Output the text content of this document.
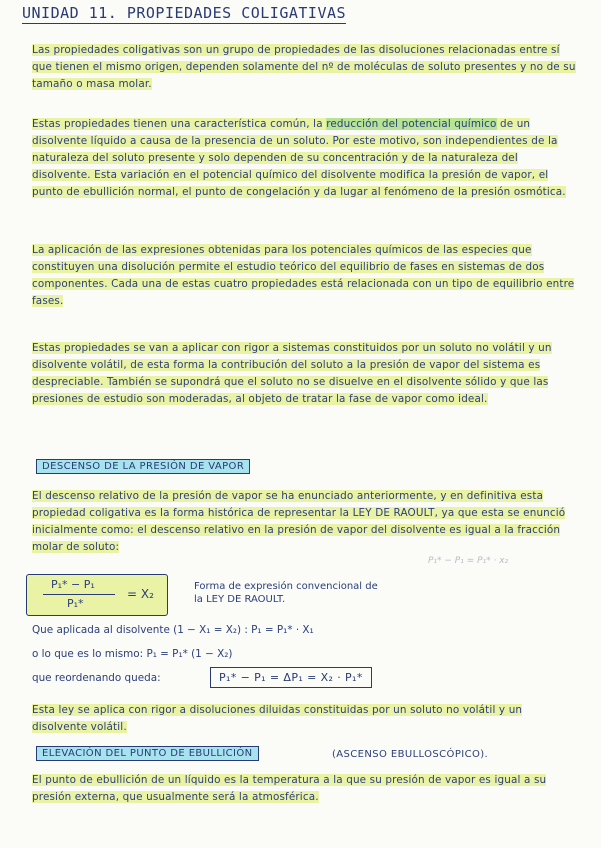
UNIDAD 11. PROPIEDADES COLIGATIVAS

Las propiedades coligativas son un grupo de propiedades de las disoluciones relacionadas entre sí que tienen el mismo origen, dependen solamente del nº de moléculas de soluto presentes y no de su tamaño o masa molar.

Estas propiedades tienen una característica común, la reducción del potencial químico de un disolvente líquido a causa de la presencia de un soluto. Por este motivo, son independientes de la naturaleza del soluto presente y solo dependen de su concentración y de la naturaleza del disolvente. Esta variación en el potencial químico del disolvente modifica la presión de vapor, el punto de ebullición normal, el punto de congelación y da lugar al fenómeno de la presión osmótica.

La aplicación de las expresiones obtenidas para los potenciales químicos de las especies que constituyen una disolución permite el estudio teórico del equilibrio de fases en sistemas de dos componentes. Cada una de estas cuatro propiedades está relacionada con un tipo de equilibrio entre fases.

Estas propiedades se van a aplicar con rigor a sistemas constituidos por un soluto no volátil y un disolvente volátil, de esta forma la contribución del soluto a la presión de vapor del sistema es despreciable. También se supondrá que el soluto no se disuelve en el disolvente sólido y que las presiones de estudio son moderadas, al objeto de tratar la fase de vapor como ideal.

DESCENSO DE LA PRESIÓN DE VAPOR

El descenso relativo de la presión de vapor se ha enunciado anteriormente, y en definitiva esta propiedad coligativa es la forma histórica de representar la LEY DE RAOULT, ya que esta se enunció inicialmente como: el descenso relativo en la presión de vapor del disolvente es igual a la fracción molar de soluto:

P₁* − P₁ = P₁* · x₂
P₁* − P₁
P₁*
= X₂
Forma de expresión convencional de la LEY DE RAOULT.
Que aplicada al disolvente (1 − X₁ = X₂) : P₁ = P₁* · X₁
o lo que es lo mismo: P₁ = P₁* (1 − X₂)
que reordenando queda:	P₁* − P₁ = ΔP₁ = X₂ · P₁*

Esta ley se aplica con rigor a disoluciones diluidas constituidas por un soluto no volátil y un disolvente volátil.

ELEVACIÓN DEL PUNTO DE EBULLICIÓN	(ASCENSO EBULLOSCÓPICO).

El punto de ebullición de un líquido es la temperatura a la que su presión de vapor es igual a su presión externa, que usualmente será la atmosférica.
